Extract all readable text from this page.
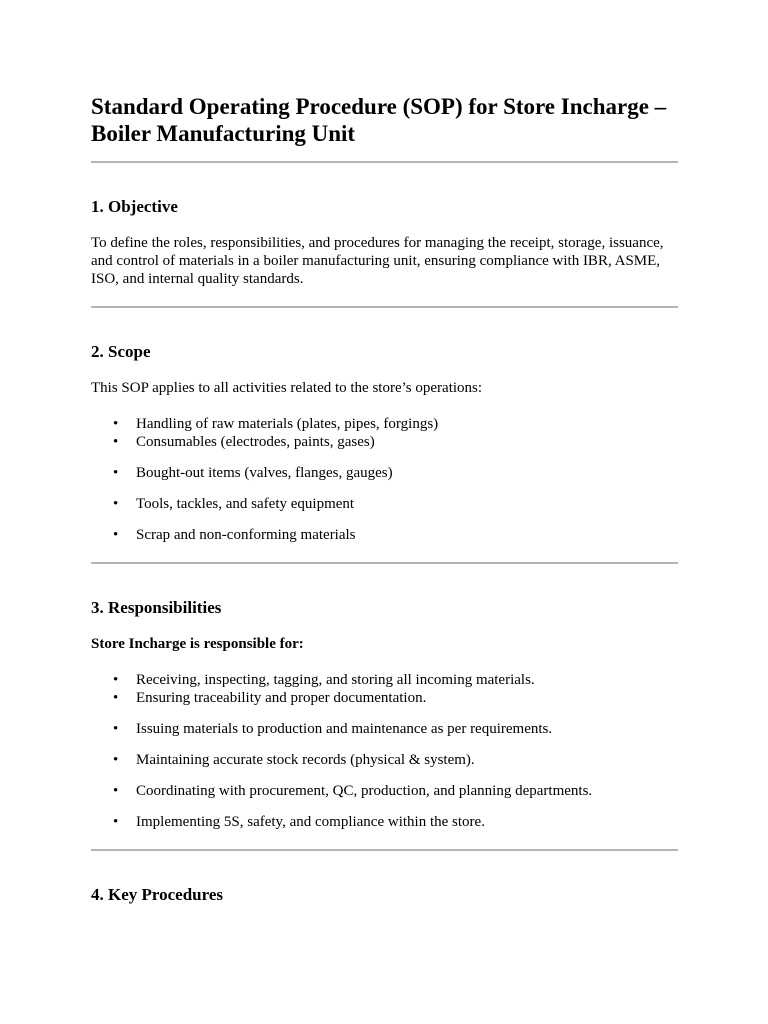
Standard Operating Procedure (SOP) for Store Incharge – Boiler Manufacturing Unit
1. Objective

To define the roles, responsibilities, and procedures for managing the receipt, storage, issuance, and control of materials in a boiler manufacturing unit, ensuring compliance with IBR, ASME, ISO, and internal quality standards.

2. Scope

This SOP applies to all activities related to the store’s operations:

•	Handling of raw materials (plates, pipes, forgings)
•	Consumables (electrodes, paints, gases)
•	Bought-out items (valves, flanges, gauges)
•	Tools, tackles, and safety equipment
•	Scrap and non-conforming materials
3. Responsibilities

Store Incharge is responsible for:

•	Receiving, inspecting, tagging, and storing all incoming materials.
•	Ensuring traceability and proper documentation.
•	Issuing materials to production and maintenance as per requirements.
•	Maintaining accurate stock records (physical & system).
•	Coordinating with procurement, QC, production, and planning departments.
•	Implementing 5S, safety, and compliance within the store.
4. Key Procedures
